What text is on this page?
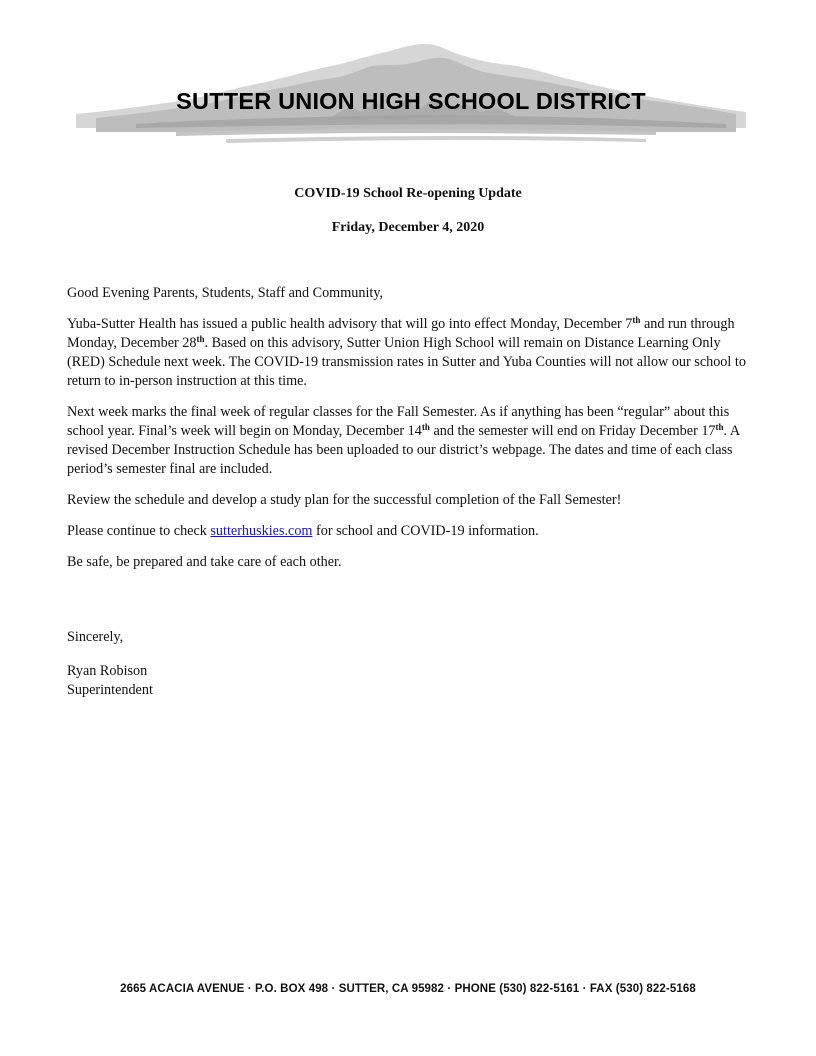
SUTTER UNION HIGH SCHOOL DISTRICT
COVID-19 School Re-opening Update
Friday, December 4, 2020

Good Evening Parents, Students, Staff and Community,

Yuba-Sutter Health has issued a public health advisory that will go into effect Monday, December 7th and run through Monday, December 28th. Based on this advisory, Sutter Union High School will remain on Distance Learning Only (RED) Schedule next week. The COVID-19 transmission rates in Sutter and Yuba Counties will not allow our school to return to in-person instruction at this time.

Next week marks the final week of regular classes for the Fall Semester. As if anything has been “regular” about this school year. Final’s week will begin on Monday, December 14th and the semester will end on Friday December 17th. A revised December Instruction Schedule has been uploaded to our district’s webpage. The dates and time of each class period’s semester final are included.

Review the schedule and develop a study plan for the successful completion of the Fall Semester!

Please continue to check sutterhuskies.com for school and COVID-19 information.

Be safe, be prepared and take care of each other.

Sincerely,
Ryan Robison
Superintendent
2665 ACACIA AVENUE · P.O. BOX 498 · SUTTER, CA 95982 · PHONE (530) 822-5161 · FAX (530) 822-5168
